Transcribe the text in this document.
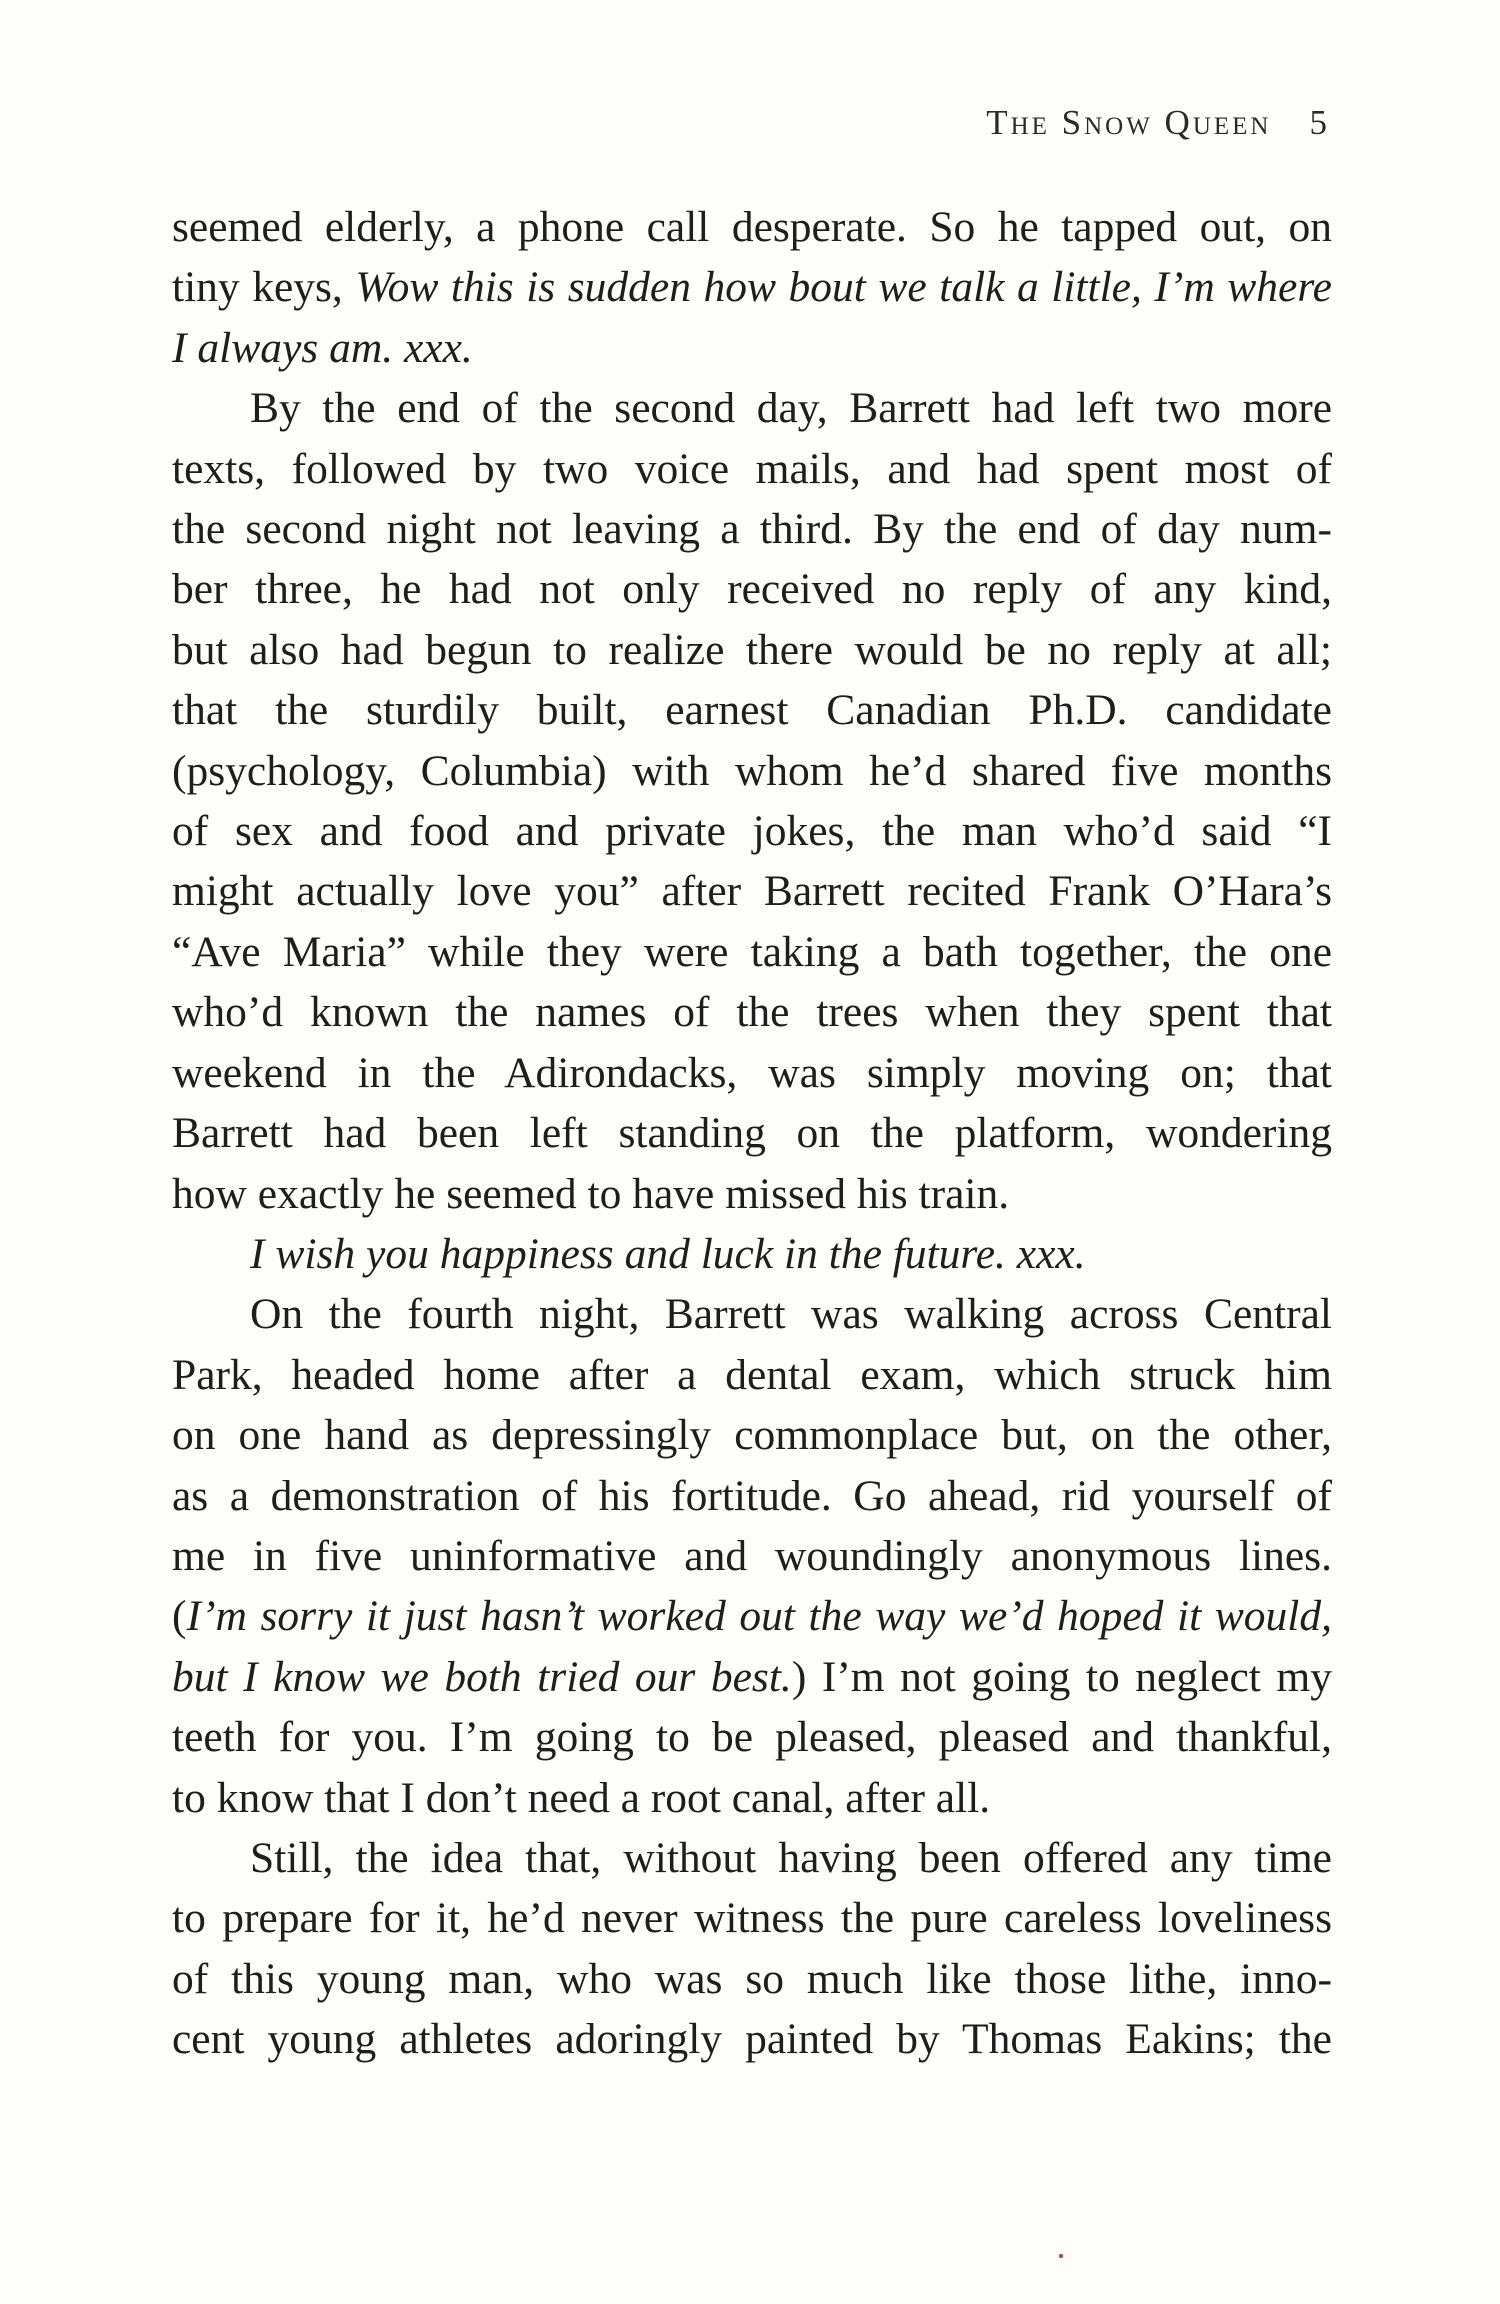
The Snow Queen 5
seemed elderly, a phone call desperate. So he tapped out, on
tiny keys, Wow this is sudden how bout we talk a little, I’m where
I always am. xxx.
By the end of the second day, Barrett had left two more
texts, followed by two voice mails, and had spent most of
the second night not leaving a third. By the end of day num-
ber three, he had not only received no reply of any kind,
but also had begun to realize there would be no reply at all;
that the sturdily built, earnest Canadian Ph.D. candidate
(psychology, Columbia) with whom he’d shared five months
of sex and food and private jokes, the man who’d said “I
might actually love you” after Barrett recited Frank O’Hara’s
“Ave Maria” while they were taking a bath together, the one
who’d known the names of the trees when they spent that
weekend in the Adirondacks, was simply moving on; that
Barrett had been left standing on the platform, wondering
how exactly he seemed to have missed his train.
I wish you happiness and luck in the future. xxx.
On the fourth night, Barrett was walking across Central
Park, headed home after a dental exam, which struck him
on one hand as depressingly commonplace but, on the other,
as a demonstration of his fortitude. Go ahead, rid yourself of
me in five uninformative and woundingly anonymous lines.
(I’m sorry it just hasn’t worked out the way we’d hoped it would,
but I know we both tried our best.) I’m not going to neglect my
teeth for you. I’m going to be pleased, pleased and thankful,
to know that I don’t need a root canal, after all.
Still, the idea that, without having been offered any time
to prepare for it, he’d never witness the pure careless loveliness
of this young man, who was so much like those lithe, inno-
cent young athletes adoringly painted by Thomas Eakins; the
